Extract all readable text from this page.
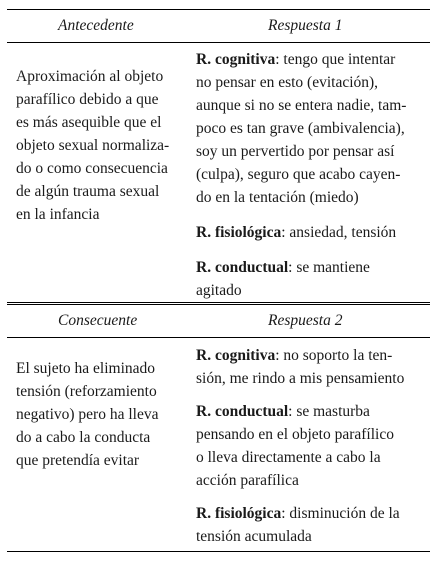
Antecedente	Respuesta 1
Aproximación al objeto
parafílico debido a que
es más asequible que el
objeto sexual normaliza-
do o como consecuencia
de algún trauma sexual
en la infancia
R. cognitiva: tengo que intentar
no pensar en esto (evitación),
aunque si no se entera nadie, tam-
poco es tan grave (ambivalencia),
soy un pervertido por pensar así
(culpa), seguro que acabo cayen-
do en la tentación (miedo)
R. fisiológica: ansiedad, tensión
R. conductual: se mantiene
agitado
Consecuente	Respuesta 2
El sujeto ha eliminado
tensión (reforzamiento
negativo) pero ha lleva
do a cabo la conducta
que pretendía evitar
R. cognitiva: no soporto la ten-
sión, me rindo a mis pensamiento
R. conductual: se masturba
pensando en el objeto parafílico
o lleva directamente a cabo la
acción parafílica
R. fisiológica: disminución de la
tensión acumulada
